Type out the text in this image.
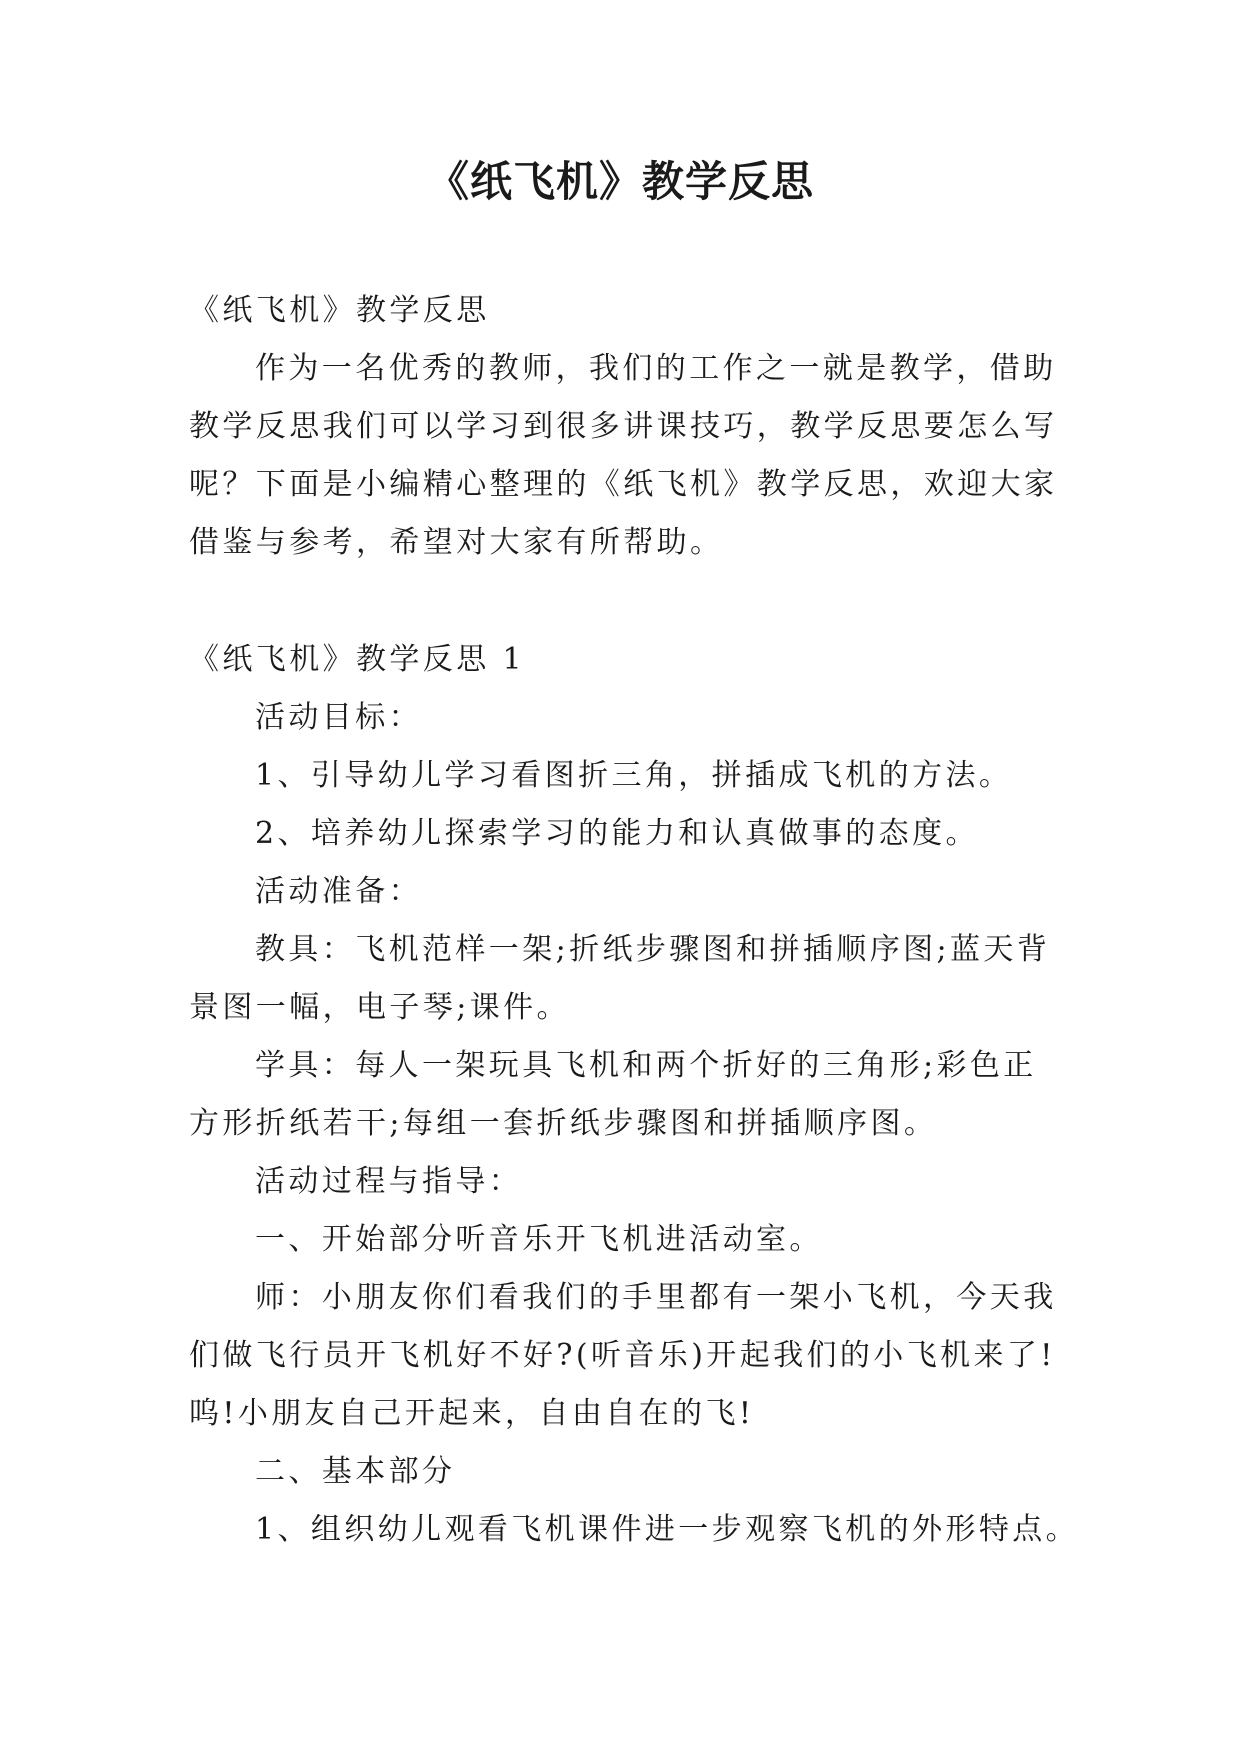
《纸飞机》教学反思
《纸飞机》教学反思
作为一名优秀的教师，我们的工作之一就是教学，借助
教学反思我们可以学习到很多讲课技巧，教学反思要怎么写
呢？下面是小编精心整理的《纸飞机》教学反思，欢迎大家
借鉴与参考，希望对大家有所帮助。
《纸飞机》教学反思 1
活动目标：
1、引导幼儿学习看图折三角，拼插成飞机的方法。
2、培养幼儿探索学习的能力和认真做事的态度。
活动准备：
教具：飞机范样一架;折纸步骤图和拼插顺序图;蓝天背
景图一幅，电子琴;课件。
学具：每人一架玩具飞机和两个折好的三角形;彩色正
方形折纸若干;每组一套折纸步骤图和拼插顺序图。
活动过程与指导：
一、开始部分听音乐开飞机进活动室。
师：小朋友你们看我们的手里都有一架小飞机，今天我
们做飞行员开飞机好不好?(听音乐)开起我们的小飞机来了!
呜!小朋友自己开起来，自由自在的飞!
二、基本部分
1、组织幼儿观看飞机课件进一步观察飞机的外形特点。
